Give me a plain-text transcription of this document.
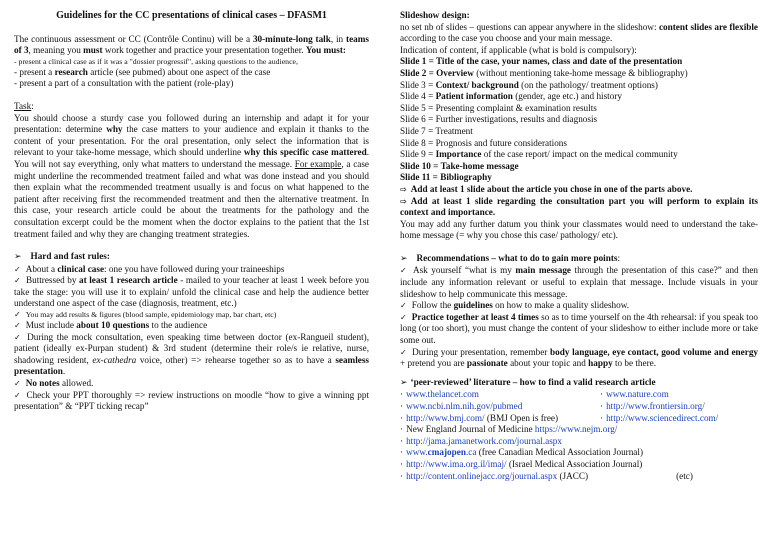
Guidelines for the CC presentations of clinical cases – DFASM1

The continuous assessment or CC (Contrôle Continu) will be a 30-minute-long talk, in teams of 3, meaning you must work together and practice your presentation together. You must:

- present a clinical case as if it was a "dossier progressif", asking questions to the audience,

- present a research article (see pubmed) about one aspect of the case

- present a part of a consultation with the patient (role-play)

Task:

You should choose a sturdy case you followed during an internship and adapt it for your presentation: determine why the case matters to your audience and explain it thanks to the content of your presentation. For the oral presentation, only select the information that is relevant to your take-home message, which should underline why this specific case mattered. You will not say everything, only what matters to understand the message. For example, a case might underline the recommended treatment failed and what was done instead and you should then explain what the recommended treatment usually is and focus on what happened to the patient after receiving first the recommended treatment and then the alternative treatment. In this case, your research article could be about the treatments for the pathology and the consultation excerpt could be the moment when the doctor explains to the patient that the 1st treatment failed and why they are changing treatment strategies.

➢ Hard and fast rules:

✓ About a clinical case: one you have followed during your traineeships

✓ Buttressed by at least 1 research article - mailed to your teacher at least 1 week before you take the stage: you will use it to explain/ unfold the clinical case and help the audience better understand one aspect of the case (diagnosis, treatment, etc.)

✓ You may add results & figures (blood sample, epidemiology map, bar chart, etc)

✓ Must include about 10 questions to the audience

✓ During the mock consultation, even speaking time between doctor (ex-Rangueil student), patient (ideally ex-Purpan student) & 3rd student (determine their role/s ie relative, nurse, shadowing resident, ex-cathedra voice, other) => rehearse together so as to have a seamless presentation.

✓ No notes allowed.

✓ Check your PPT thoroughly => review instructions on moodle “how to give a winning ppt presentation” & “PPT ticking recap”

Slideshow design:

no set nb of slides – questions can appear anywhere in the slideshow: content slides are flexible according to the case you choose and your main message.

Indication of content, if applicable (what is bold is compulsory):

Slide 1 = Title of the case, your names, class and date of the presentation

Slide 2 = Overview (without mentioning take-home message & bibliography)

Slide 3 = Context/ background (on the pathology/ treatment options)

Slide 4 = Patient information (gender, age etc.) and history

Slide 5 = Presenting complaint & examination results

Slide 6 = Further investigations, results and diagnosis

Slide 7 = Treatment

Slide 8 = Prognosis and future considerations

Slide 9 = Importance of the case report/ impact on the medical community

Slide 10 = Take-home message

Slide 11 = Bibliography

⇨ Add at least 1 slide about the article you chose in one of the parts above.

⇨ Add at least 1 slide regarding the consultation part you will perform to explain its context and importance.

You may add any further datum you think your classmates would need to understand the take-home message (= why you chose this case/ pathology/ etc).

➢ Recommendations – what to do to gain more points:

✓ Ask yourself “what is my main message through the presentation of this case?” and then include any information relevant or useful to explain that message. Include visuals in your slideshow to help communicate this message.

✓ Follow the guidelines on how to make a quality slideshow.

✓ Practice together at least 4 times so as to time yourself on the 4th rehearsal: if you speak too long (or too short), you must change the content of your slideshow to either include more or take some out.

✓ During your presentation, remember body language, eye contact, good volume and energy + pretend you are passionate about your topic and happy to be there.

➢ ‘peer-reviewed’ literature – how to find a valid research article

· www.thelancet.com	· www.nature.com
· www.ncbi.nlm.nih.gov/pubmed	· http://www.frontiersin.org/
· http://www.bmj.com/ (BMJ Open is free)	· http://www.sciencedirect.com/

· New England Journal of Medicine https://www.nejm.org/

· http://jama.jamanetwork.com/journal.aspx

· www.cmajopen.ca (free Canadian Medical Association Journal)

· http://www.ima.org.il/imaj/ (Israel Medical Association Journal)

· http://content.onlinejacc.org/journal.aspx (JACC)	(etc)
